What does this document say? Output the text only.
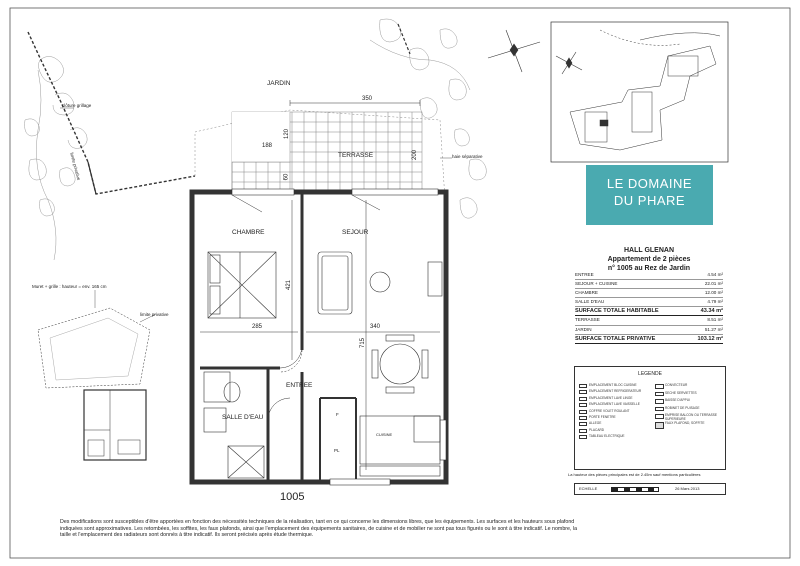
JARDIN
TERRASSE
clôture grillage
limite privative	haie séparative
Muret + grille : hauteur = env. 165 cm
limite privative
350
188
120
200
60
421
285	340
715
CHAMBRE	SEJOUR
ENTREE
SALLE D'EAU
CUISINE
PL
F
1005
LE DOMAINE
DU PHARE
HALL GLENAN
Appartement de 2 pièces
n° 1005 au Rez de Jardin
ENTREE	4.54 m²
SEJOUR + CUISINE	22.01 m²
CHAMBRE	12.00 m²
SALLE D'EAU	4.79 m²
SURFACE TOTALE HABITABLE	43.34 m²
TERRASSE	8.51 m²
JARDIN	51.27 m²
SURFACE TOTALE PRIVATIVE	103.12 m²
LEGENDE
EMPLACEMENT BLOC CUISINE
EMPLACEMENT REFRIGERATEUR
EMPLACEMENT LAVE LINGE
EMPLACEMENT LAVE VAISSELLE
COFFRE VOLET ROULANT
PORTE FENETRE
ALLEGE
PLACARD
TABLEAU ELECTRIQUE
CONVECTEUR
SECHE SERVIETTES
BAISSE D'APPUI
ROBINET DE PUISAGE
EMPRISE BALCON OU TERRASSE SUPERIEURE
FAUX PLAFOND, SOFFITE
La hauteur des pièces principales est de 2.45m sauf mentions particulières
ECHELLE	26 Mars 2013
Des modifications sont susceptibles d'être apportées en fonction des nécessités techniques de la réalisation, tant en ce qui concerne les dimensions libres, que les équipements. Les surfaces et les hauteurs sous plafond indiquées sont approximatives. Les retombées, les soffites, les faux plafonds, ainsi que l'emplacement des équipements sanitaires, de cuisine et de mobilier ne sont pas tous figurés ou le sont à titre indicatif. Le nombre, la taille et l'emplacement des radiateurs sont donnés à titre indicatif. Ils seront précisés après étude thermique.
